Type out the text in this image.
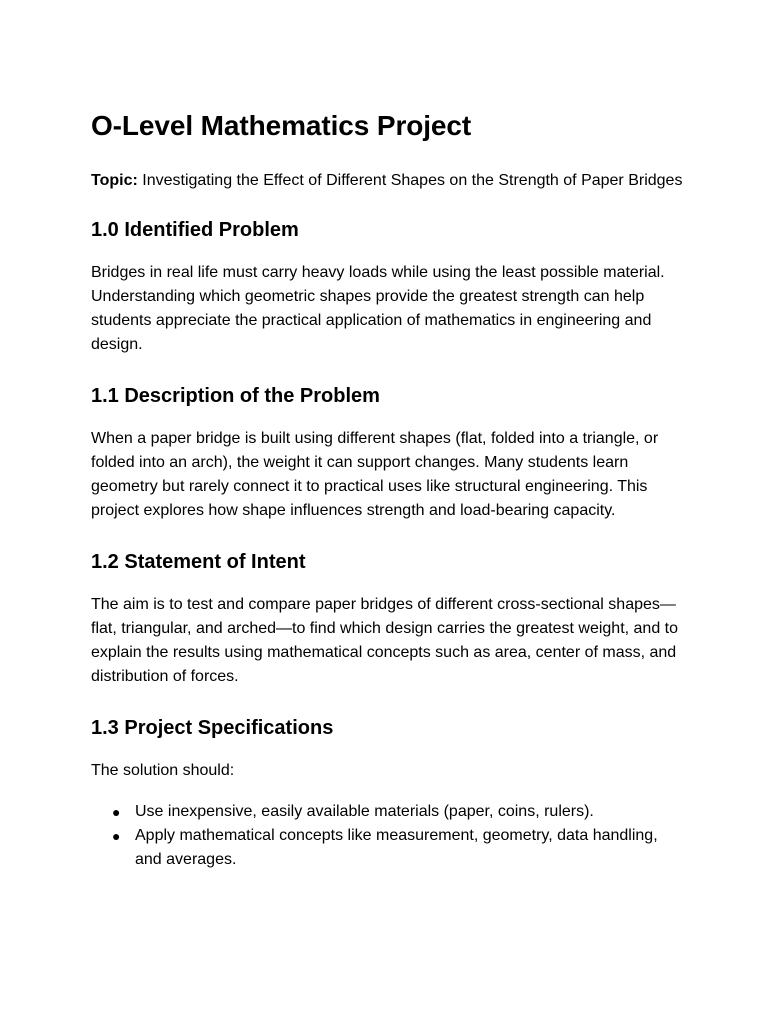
O-Level Mathematics Project

Topic: Investigating the Effect of Different Shapes on the Strength of Paper Bridges

1.0 Identified Problem

Bridges in real life must carry heavy loads while using the least possible material. Understanding which geometric shapes provide the greatest strength can help students appreciate the practical application of mathematics in engineering and design.

1.1 Description of the Problem

When a paper bridge is built using different shapes (flat, folded into a triangle, or folded into an arch), the weight it can support changes. Many students learn geometry but rarely connect it to practical uses like structural engineering. This project explores how shape influences strength and load-bearing capacity.

1.2 Statement of Intent

The aim is to test and compare paper bridges of different cross-sectional shapes—flat, triangular, and arched—to find which design carries the greatest weight, and to explain the results using mathematical concepts such as area, center of mass, and distribution of forces.

1.3 Project Specifications

The solution should:

● Use inexpensive, easily available materials (paper, coins, rulers).
● Apply mathematical concepts like measurement, geometry, data handling, and averages.
